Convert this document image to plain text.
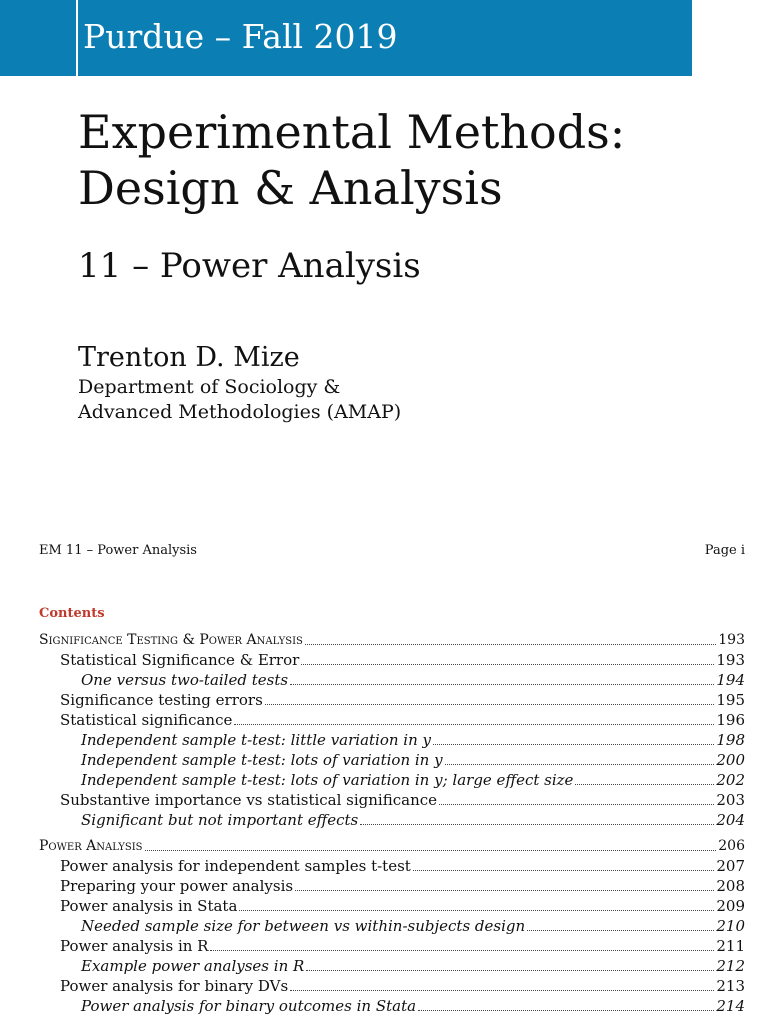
Purdue – Fall 2019
Experimental Methods:
Design & Analysis
11 – Power Analysis
Trenton D. Mize
Department of Sociology &
Advanced Methodologies (AMAP)
EM 11 – Power Analysis	Page i
Contents
Significance Testing & Power Analysis	193
Statistical Significance & Error	193
One versus two-tailed tests	194
Significance testing errors	195
Statistical significance	196
Independent sample t-test: little variation in y	198
Independent sample t-test: lots of variation in y	200
Independent sample t-test: lots of variation in y; large effect size	202
Substantive importance vs statistical significance	203
Significant but not important effects	204
Power Analysis	206
Power analysis for independent samples t-test	207
Preparing your power analysis	208
Power analysis in Stata	209
Needed sample size for between vs within-subjects design	210
Power analysis in R	211
Example power analyses in R	212
Power analysis for binary DVs	213
Power analysis for binary outcomes in Stata	214
